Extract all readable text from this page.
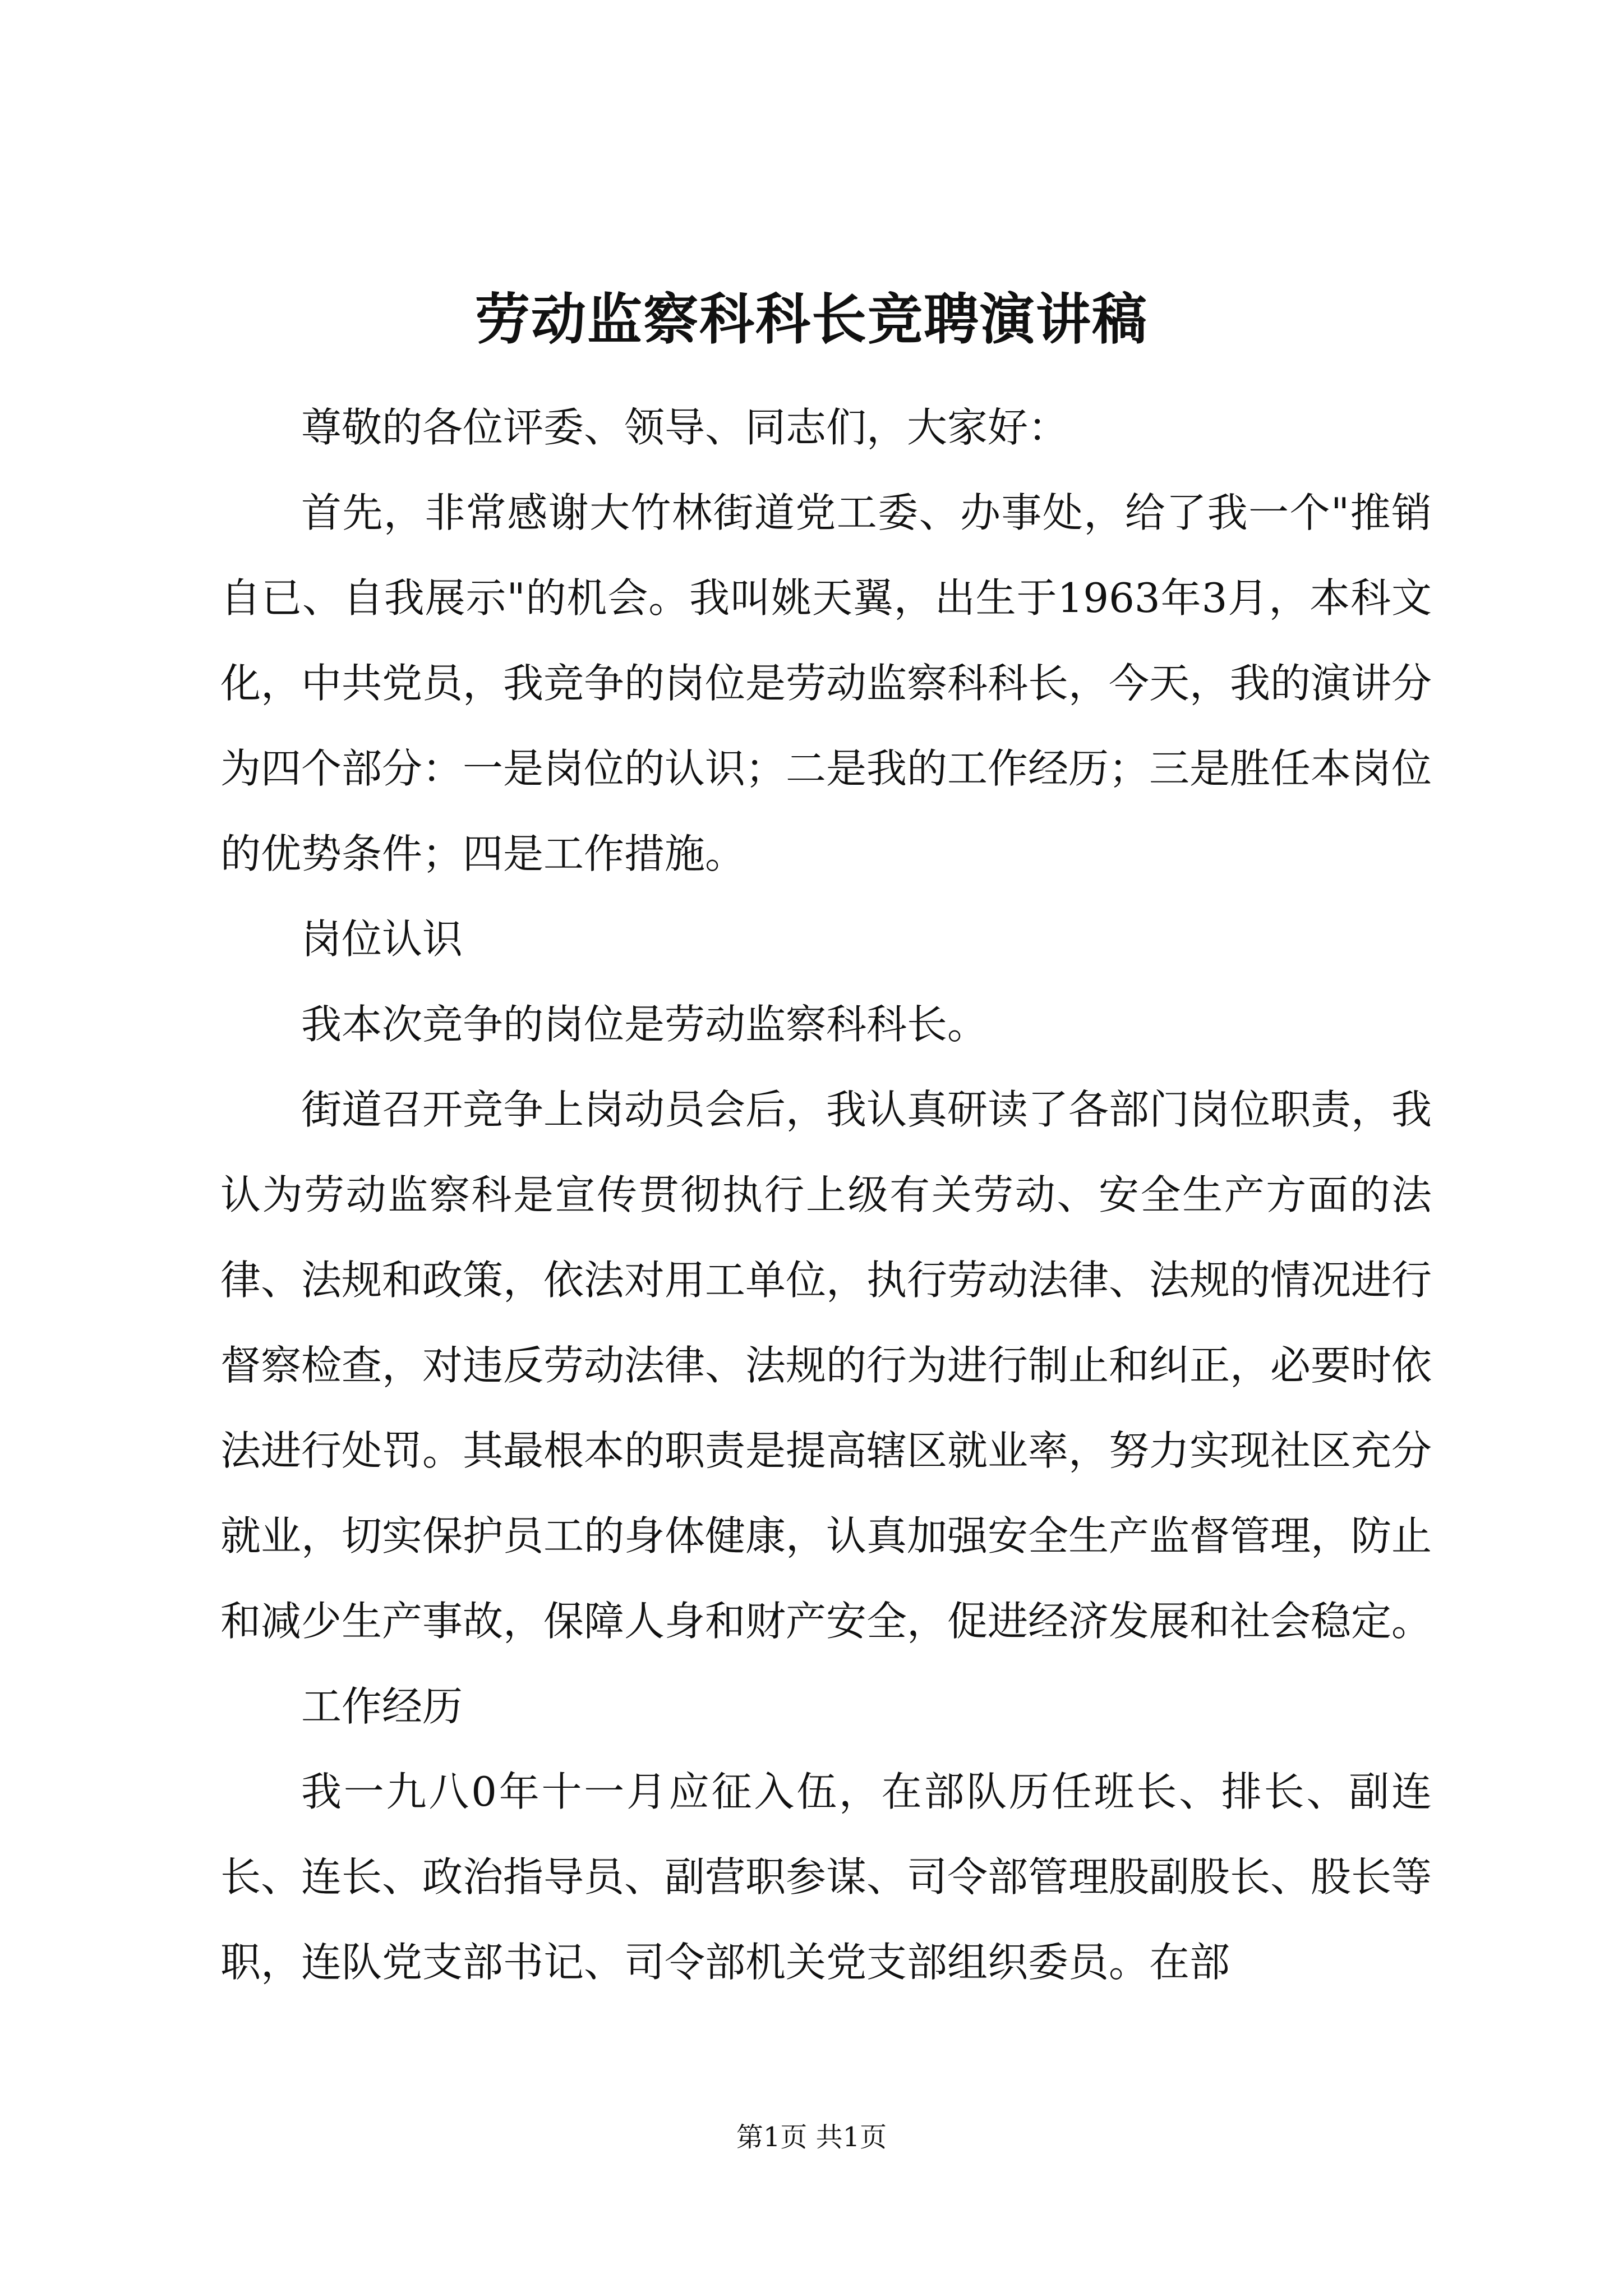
劳动监察科科长竞聘演讲稿

尊敬的各位评委、领导、同志们，大家好：

首先，非常感谢大竹林街道党工委、办事处，给了我一个"推销自已、自我展示"的机会。我叫姚天翼，出生于1963年3月，本科文化，中共党员，我竞争的岗位是劳动监察科科长，今天，我的演讲分为四个部分：一是岗位的认识；二是我的工作经历；三是胜任本岗位的优势条件；四是工作措施。

岗位认识

我本次竞争的岗位是劳动监察科科长。

街道召开竞争上岗动员会后，我认真研读了各部门岗位职责，我认为劳动监察科是宣传贯彻执行上级有关劳动、安全生产方面的法律、法规和政策，依法对用工单位，执行劳动法律、法规的情况进行督察检查，对违反劳动法律、法规的行为进行制止和纠正，必要时依法进行处罚。其最根本的职责是提高辖区就业率，努力实现社区充分就业，切实保护员工的身体健康，认真加强安全生产监督管理，防止和减少生产事故，保障人身和财产安全，促进经济发展和社会稳定。

工作经历

我一九八0年十一月应征入伍，在部队历任班长、排长、副连长、连长、政治指导员、副营职参谋、司令部管理股副股长、股长等职，连队党支部书记、司令部机关党支部组织委员。在部

第1页 共1页
